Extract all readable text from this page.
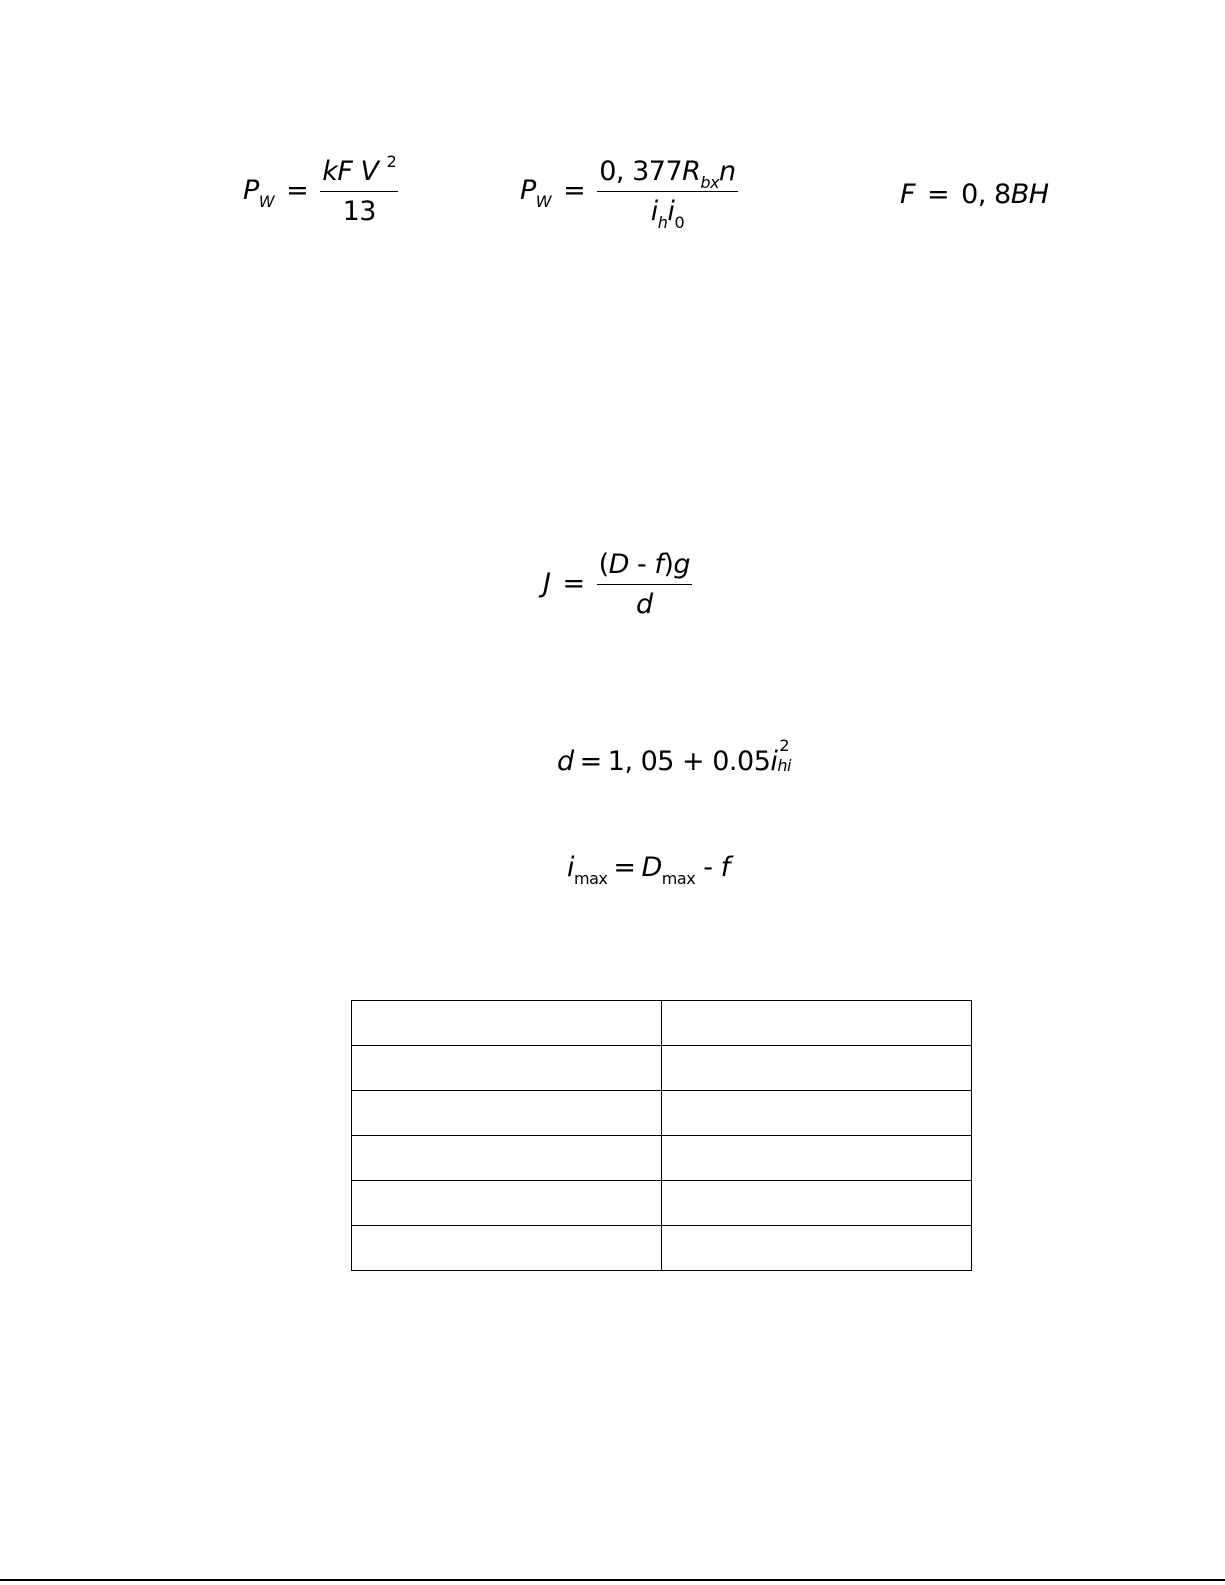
$P_W = \frac{kF V ^2}{13}$	$P_W = \frac{0, 377R_{bx}n}{i_hi_0}$	F = 0, 8BH
$J = \frac{(D - f)g}{d}$
d = 1, 05 + 0.05i
2
hi
$i_{max} = D_{max} - f$
